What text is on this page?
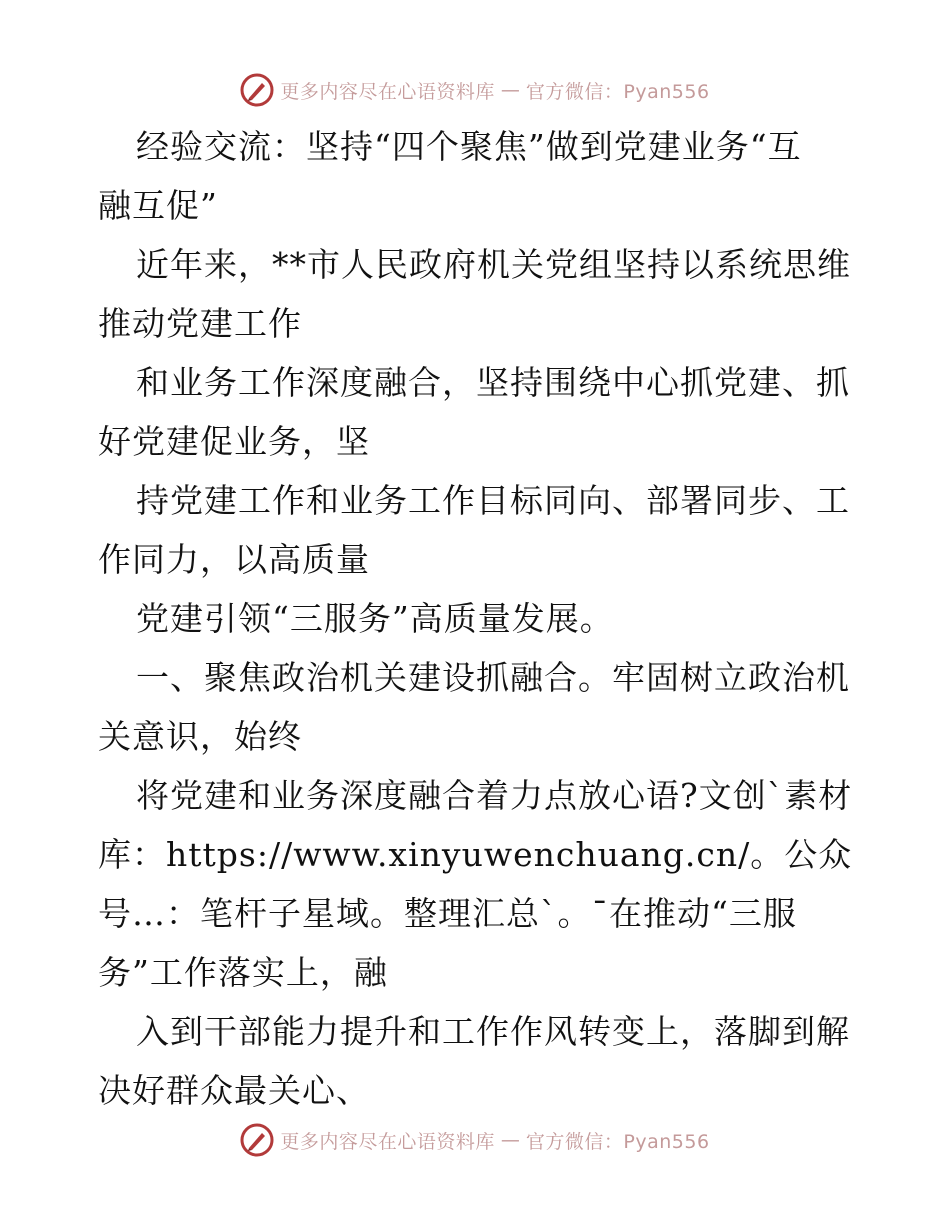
更多内容尽在心语资料库 — 官方微信：Pyan556
经验交流：坚持“四个聚焦”做到党建业务“互
融互促”
近年来，**市人民政府机关党组坚持以系统思维
推动党建工作
和业务工作深度融合，坚持围绕中心抓党建、抓
好党建促业务，坚
持党建工作和业务工作目标同向、部署同步、工
作同力，以高质量
党建引领“三服务”高质量发展。
一、聚焦政治机关建设抓融合。牢固树立政治机
关意识，始终
将党建和业务深度融合着力点放心语?文创`素材
库：https://www.xinyuwenchuang.cn/。公众
号…：笔杆子星域。整理汇总`。¯在推动“三服
务”工作落实上，融
入到干部能力提升和工作作风转变上，落脚到解
决好群众最关心、
更多内容尽在心语资料库 — 官方微信：Pyan556
